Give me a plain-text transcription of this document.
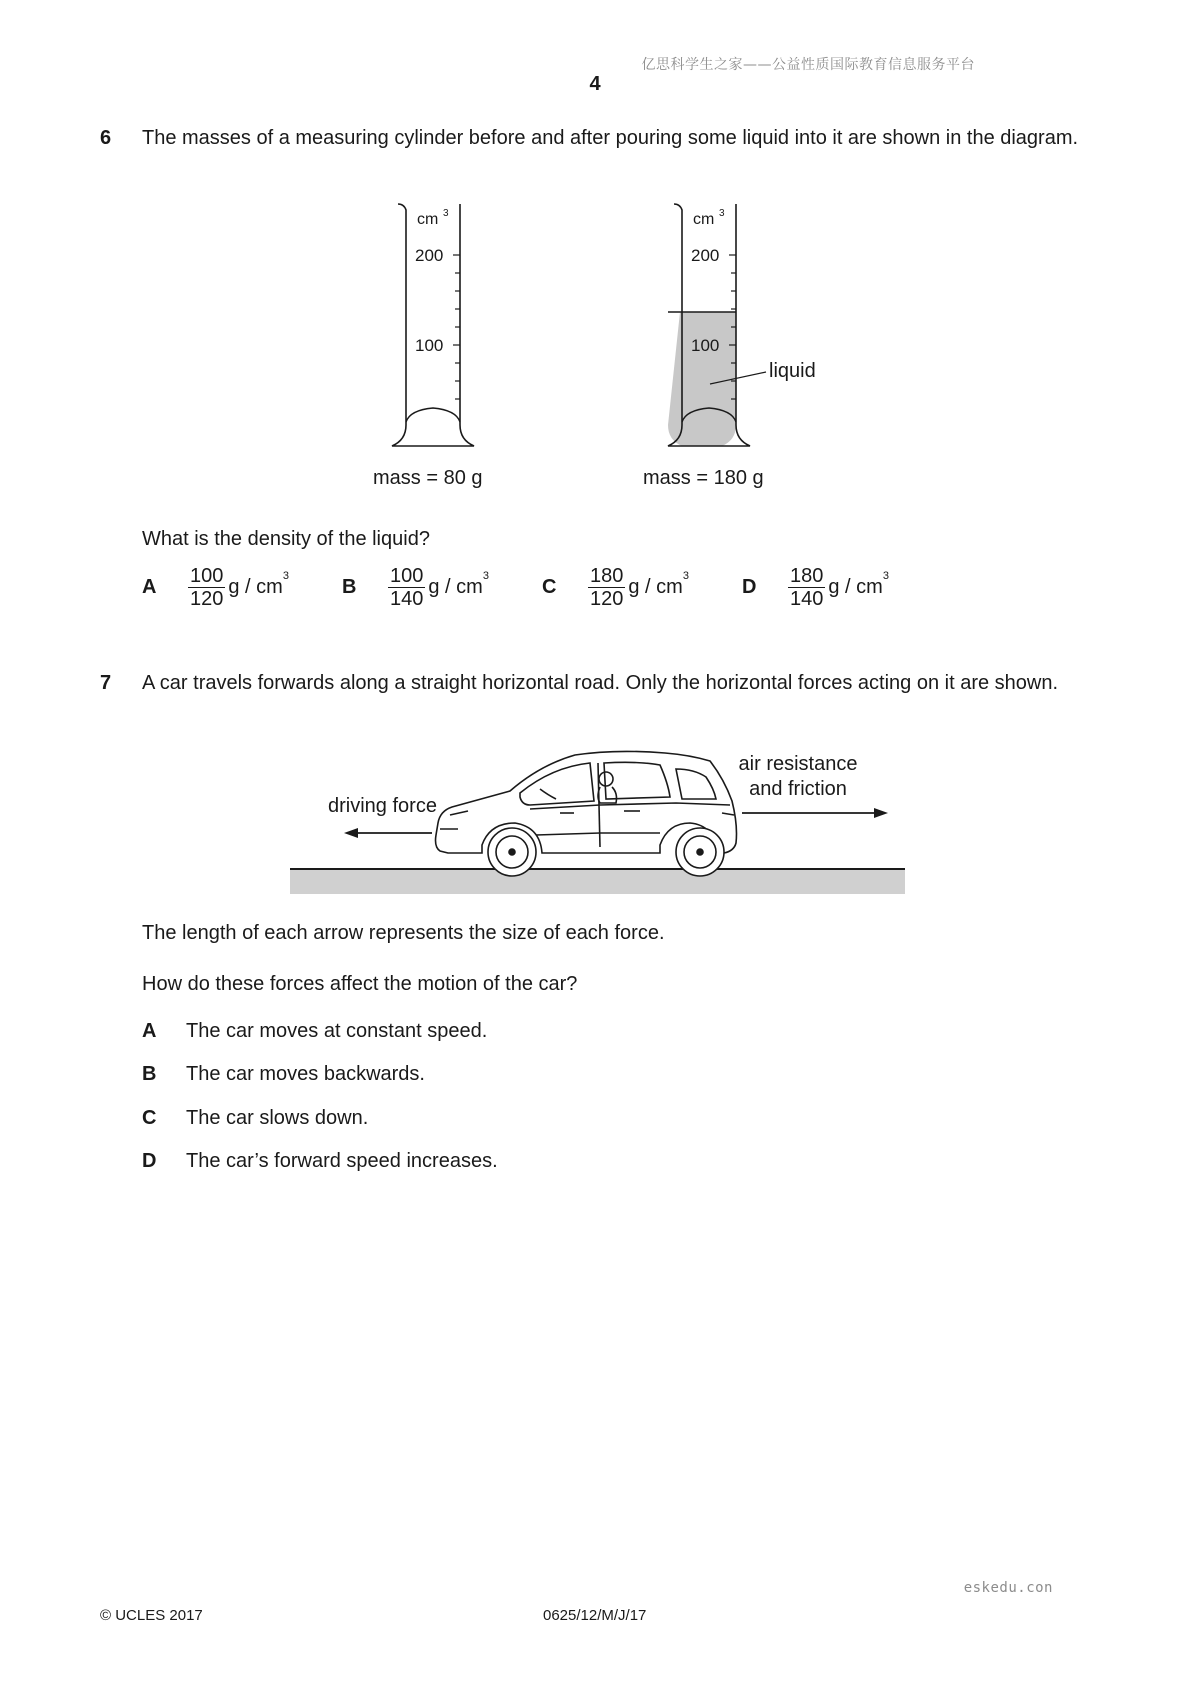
亿思科学生之家——公益性质国际教育信息服务平台
4
6 The masses of a measuring cylinder before and after pouring some liquid into it are shown in the diagram.
cm 3
200
100
cm 3
200
100
liquid
mass = 80 g	mass = 180 g
What is the density of the liquid?
A	$\frac{100}{120}$ g / $cm^3$	B	$\frac{100}{140}$ g / $cm^3$	C	$\frac{180}{120}$ g / $cm^3$	D	$\frac{180}{140}$ g / $cm^3$
7 A car travels forwards along a straight horizontal road. Only the horizontal forces acting on it are shown.
driving force
air resistance
and friction
The length of each arrow represents the size of each force.
How do these forces affect the motion of the car?
A	The car moves at constant speed.
B	The car moves backwards.
C	The car slows down.
D	The car’s forward speed increases.
eskedu.con
© UCLES 2017	0625/12/M/J/17
